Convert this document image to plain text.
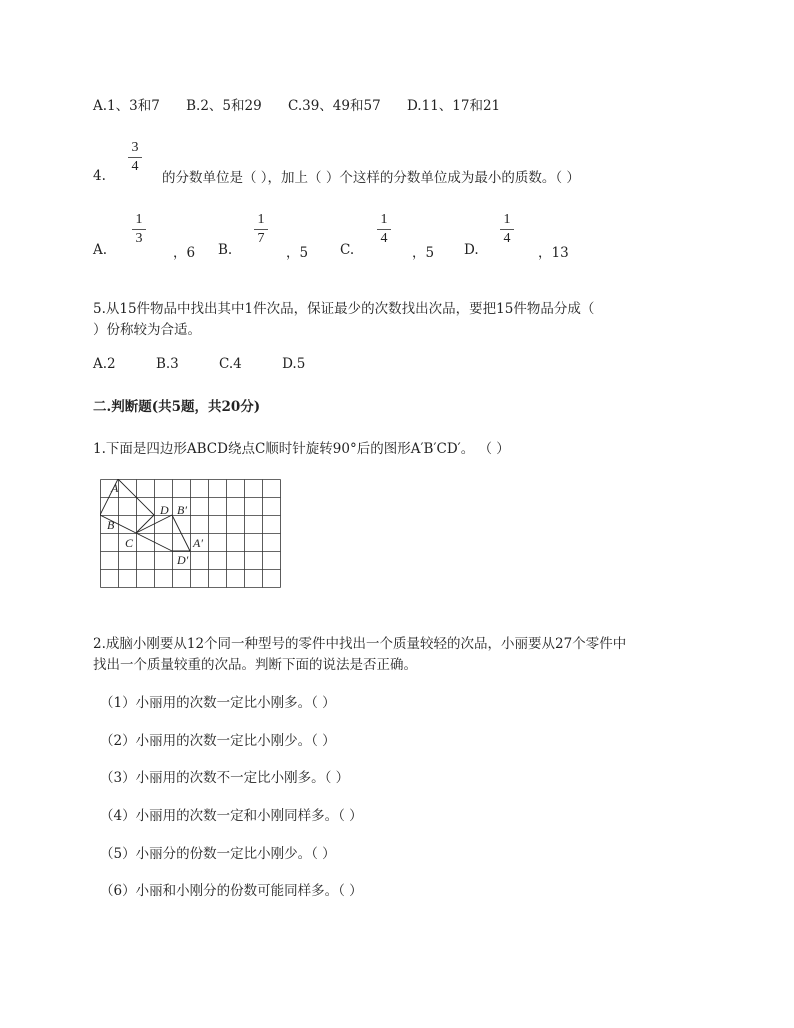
A.1、3和7 B.2、5和29 C.39、49和57 D.11、17和21
3
4
4.	的分数单位是（ ），加上（ ）个这样的分数单位成为最小的质数。（ ）
A.
1
3
，6 B.
1
7
，5 C.
1
4
，5 D.
1
4
，13
5.从15件物品中找出其中1件次品，保证最少的次数找出次品，要把15件物品分成（
）份称较为合适。
A.2	B.3	C.4	D.5
二.判断题(共5题，共20分)
1.下面是四边形ABCD绕点C顺时针旋转90°后的图形A′B′CD′。 （ ）
A
B
C
D B′
A′
D′
2.成脑小刚要从12个同一种型号的零件中找出一个质量较轻的次品，小丽要从27个零件中
找出一个质量较重的次品。判断下面的说法是否正确。
（1）小丽用的次数一定比小刚多。（ ）
（2）小丽用的次数一定比小刚少。（ ）
（3）小丽用的次数不一定比小刚多。（ ）
（4）小丽用的次数一定和小刚同样多。（ ）
（5）小丽分的份数一定比小刚少。（ ）
（6）小丽和小刚分的份数可能同样多。（ ）
